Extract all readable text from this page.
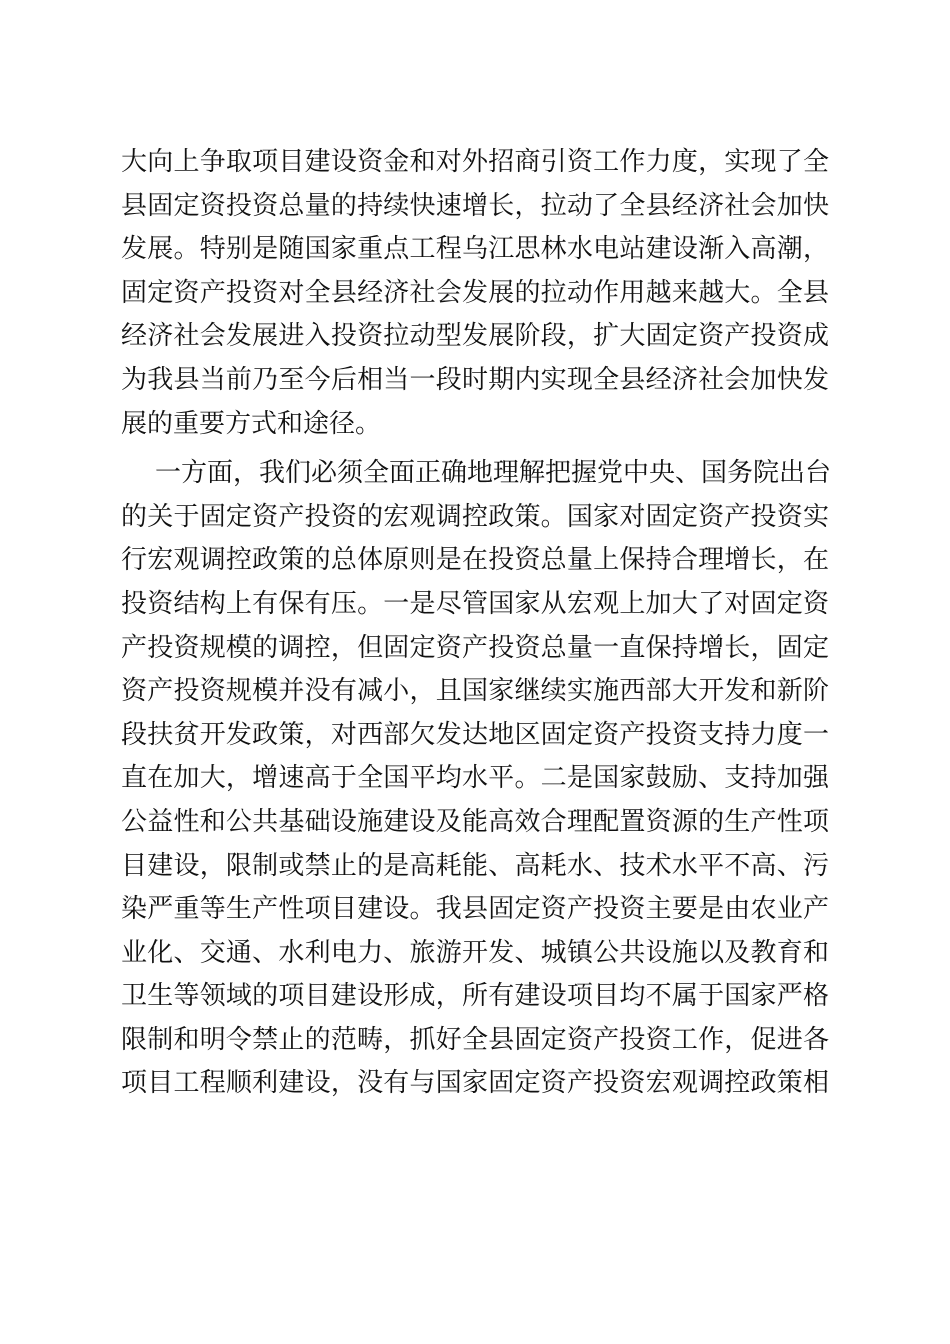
大向上争取项目建设资金和对外招商引资工作力度，实现了全
县固定资投资总量的持续快速增长，拉动了全县经济社会加快
发展。特别是随国家重点工程乌江思林水电站建设渐入高潮，
固定资产投资对全县经济社会发展的拉动作用越来越大。全县
经济社会发展进入投资拉动型发展阶段，扩大固定资产投资成
为我县当前乃至今后相当一段时期内实现全县经济社会加快发
展的重要方式和途径。
一方面，我们必须全面正确地理解把握党中央、国务院出台
的关于固定资产投资的宏观调控政策。国家对固定资产投资实
行宏观调控政策的总体原则是在投资总量上保持合理增长，在
投资结构上有保有压。一是尽管国家从宏观上加大了对固定资
产投资规模的调控，但固定资产投资总量一直保持增长，固定
资产投资规模并没有减小，且国家继续实施西部大开发和新阶
段扶贫开发政策，对西部欠发达地区固定资产投资支持力度一
直在加大，增速高于全国平均水平。二是国家鼓励、支持加强
公益性和公共基础设施建设及能高效合理配置资源的生产性项
目建设，限制或禁止的是高耗能、高耗水、技术水平不高、污
染严重等生产性项目建设。我县固定资产投资主要是由农业产
业化、交通、水利电力、旅游开发、城镇公共设施以及教育和
卫生等领域的项目建设形成，所有建设项目均不属于国家严格
限制和明令禁止的范畴，抓好全县固定资产投资工作，促进各
项目工程顺利建设，没有与国家固定资产投资宏观调控政策相
